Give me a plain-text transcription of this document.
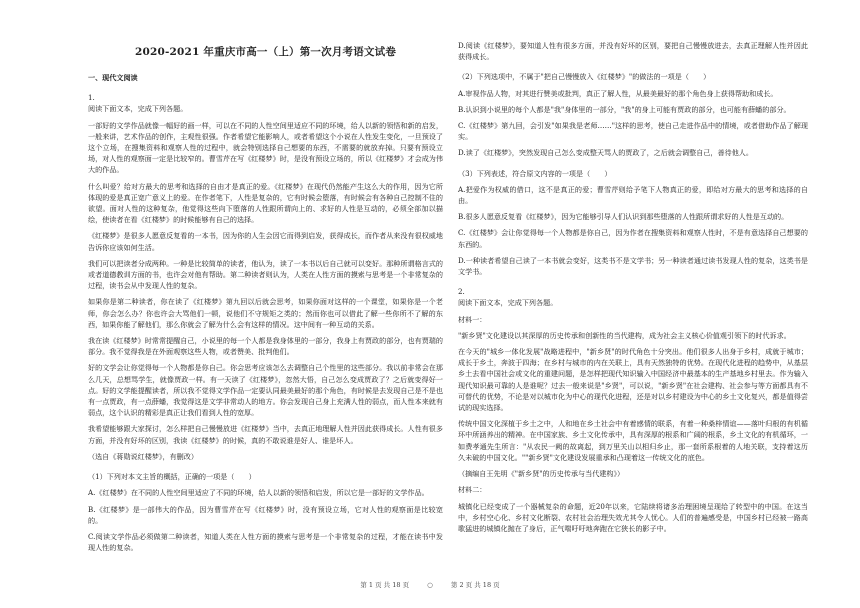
2020-2021 年重庆市高一（上）第一次月考语文试卷

一、现代文阅读

1.

阅读下面文本，完成下列各题。

一部好的文学作品就像一幅好的画一样，可以在不同的人性空间里适应不同的环境，给人以新的领悟和新的启发，一般来讲，艺术作品的创作，主观性很强。作者希望它能影响人，或者希望这个小说在人性发生变化，一旦预设了这个立场，在搜集资料和观察人性的过程中，就会特别选择自己想要的东西，不需要的就放弃掉。只要有预设立场，对人性的观察面一定是比较窄的。曹雪芹在写《红楼梦》时，是没有预设立场的，所以《红楼梦》才会成为伟大的作品。

什么叫爱？给对方最大的思考和选择的自由才是真正的爱。《红楼梦》在现代仍然能产生这么大的作用，因为它所体现的爱是真正宽广意义上的爱。在作者笔下，人性是复杂的，它有时候会堕落，有时候会有各种自己控制不住的欲望。面对人性的这种复杂，他觉得这些向下堕落的人性跟所谓向上的、求好的人性是互动的，必须全部加以描绘，使读者在看《红楼梦》的时候能够有自己的选择。

《红楼梦》是很多人愿意反复看的一本书，因为你的人生会因它而得到启发，获得成长，而作者从来没有很权威地告诉你应该如何生活。

我们可以把读者分成两种。一种是比较简单的读者，他认为，读了一本书以后自己就可以变好。那种所谓格言式的或者道德教训方面的书，也许会对他有帮助。第二种读者则认为，人类在人性方面的摸索与思考是一个非常复杂的过程，读书会从中发现人性的复杂。

如果你是第二种读者，你在读了《红楼梦》第九回以后就会思考，如果你面对这样的一个课堂，如果你是一个老师，你会怎么办？你也许会大骂他们一顿，说他们不守规矩之类的；然而你也可以借此了解一些你所不了解的东西，如果你能了解他们，那么你就会了解为什么会有这样的情况。这中间有一种互动的关系。

我在读《红楼梦》时常常提醒自己，小说里的每一个人都是我身体里的一部分，我身上有贾政的部分，也有贾瑞的部分。我不觉得我是在外面观察这些人物，或者赞美、批判他们。

好的文学会让你觉得每一个人物都是你自己。你会思考应该怎么去调整自己个性里的这些部分。我以前非常会在那么几天，总想骂学生，就像贾政一样。有一天读了《红楼梦》，忽然大悟，自己怎么变成贾政了？之后就变得好一点。好的文学能提醒读者，所以我不觉得文学作品一定要认同最美最好的那个角色，有时候是去发现自己是不是也有一点贾政，有一点薛蟠，我觉得这是文学非常动人的地方。你会发现自己身上充满人性的弱点，而人性本来就有弱点，这个认识的精彩是真正让我们看到人性的宽厚。

我希望能够跟大家探讨，怎么样把自己慢慢放进《红楼梦》当中，去真正地理解人性并因此获得成长。人性有很多方面，并没有好坏的区别，我读《红楼梦》的时候，真的不敢说谁是好人、谁是坏人。

（选自《蒋勋说红楼梦》，有删改）

（1）下列对本文主旨的概括，正确的一项是（　　）

A.《红楼梦》在不同的人性空间里适应了不同的环境，给人以新的领悟和启发，所以它是一部好的文学作品。

B.《红楼梦》是一部伟大的作品，因为曹雪芹在写《红楼梦》时，没有预设立场，它对人性的观察面是比较宽的。

C.阅读文学作品必须做第二种读者，知道人类在人性方面的摸索与思考是一个非常复杂的过程，才能在读书中发现人性的复杂。

D.阅读《红楼梦》，要知道人性有很多方面，并没有好坏的区别，要把自己慢慢放进去，去真正理解人性并因此获得成长。

（2）下列选项中，不属于"把自己慢慢放入《红楼梦》"的做法的一项是（　　）

A.审视作品人物，对其进行赞美或批判，真正了解人性，从最美最好的那个角色身上获得帮助和成长。

B.认识到小说里的每个人都是"我"身体里的一部分，"我"的身上可能有贾政的部分，也可能有薛蟠的部分。

C.《红楼梦》第九回，会引发"如果我是老师……"这样的思考，使自己走进作品中的情境，或者借助作品了解现实。

D.读了《红楼梦》，突然发现自己怎么变成整天骂人的贾政了，之后就会调整自己，善待他人。

（3）下列表述，符合原文内容的一项是（　　）

A.把爱作为权威的借口，这不是真正的爱；曹雪芹则给予笔下人物真正的爱，即给对方最大的思考和选择的自由。

B.很多人愿意反复看《红楼梦》，因为它能够引导人们认识到那些堕落的人性跟所谓求好的人性是互动的。

C.《红楼梦》会让你觉得每一个人物都是你自己，因为作者在搜集资料和观察人性时，不是有意选择自己想要的东西的。

D.一种读者希望自己读了一本书就会变好，这类书不是文学书；另一种读者通过读书发现人性的复杂，这类书是文学书。

2.

阅读下面文本，完成下列各题。

材料一：

"新乡贤"文化建设以其深厚的历史传承和创新性的当代建构，成为社会主义核心价值观引领下的时代诉求。

在今天的"城乡一体化发展"战略进程中，"新乡贤"的时代角色十分突出。他们很多人出身于乡村，成就于城市；成长于乡土，奔波于四海；在乡村与城市的内在关联上，具有天然独特的优势。在现代化进程的趋势中，从基层乡土去看中国社会或文化的重建问题，是怎样把现代知识输入中国经济中最基本的生产基地乡村里去。作为输入现代知识最可靠的人是谁呢？过去一般来说是"乡贤"，可以说，"新乡贤"在社会建构、社会参与等方面都具有不可替代的优势，不论是对以城市化为中心的现代化进程，还是对以乡村建设为中心的乡土文化复兴，都是值得尝试的现实选择。

传统中国文化深植于乡土之中，人和地在乡土社会中有着感情的联系，有着一种桑梓情谊——落叶归根的有机循环中所涵养出的精神。在中国家族、乡土文化传承中，具有深厚的根系和广阔的根系，乡土文化的有机循环，一如费孝通先生所言："从农民一阙的故离起，到万里关山以相归乡止，那一套所系根着的人地关联，支持着这历久未破的中国文化。""新乡贤"文化建设发展重承和凸现着这一传统文化的底色。

（摘编自王先明《"新乡贤"的历史传承与当代建构》）

材料二：

城镇化已经变成了一个器械复杂的命题，近20年以来，它陆续将诸多治理困境呈现给了转型中的中国。在这当中，乡村空心化、乡村文化断裂、农村社会治理失效尤其令人忧心。人们的普遍感受是，中国乡村已经被一路高歌猛进的城镇化抛在了身后，正气喘吁吁地奔跑在它狭长的影子中。

第 1 页 共 18 页	○	第 2 页 共 18 页
